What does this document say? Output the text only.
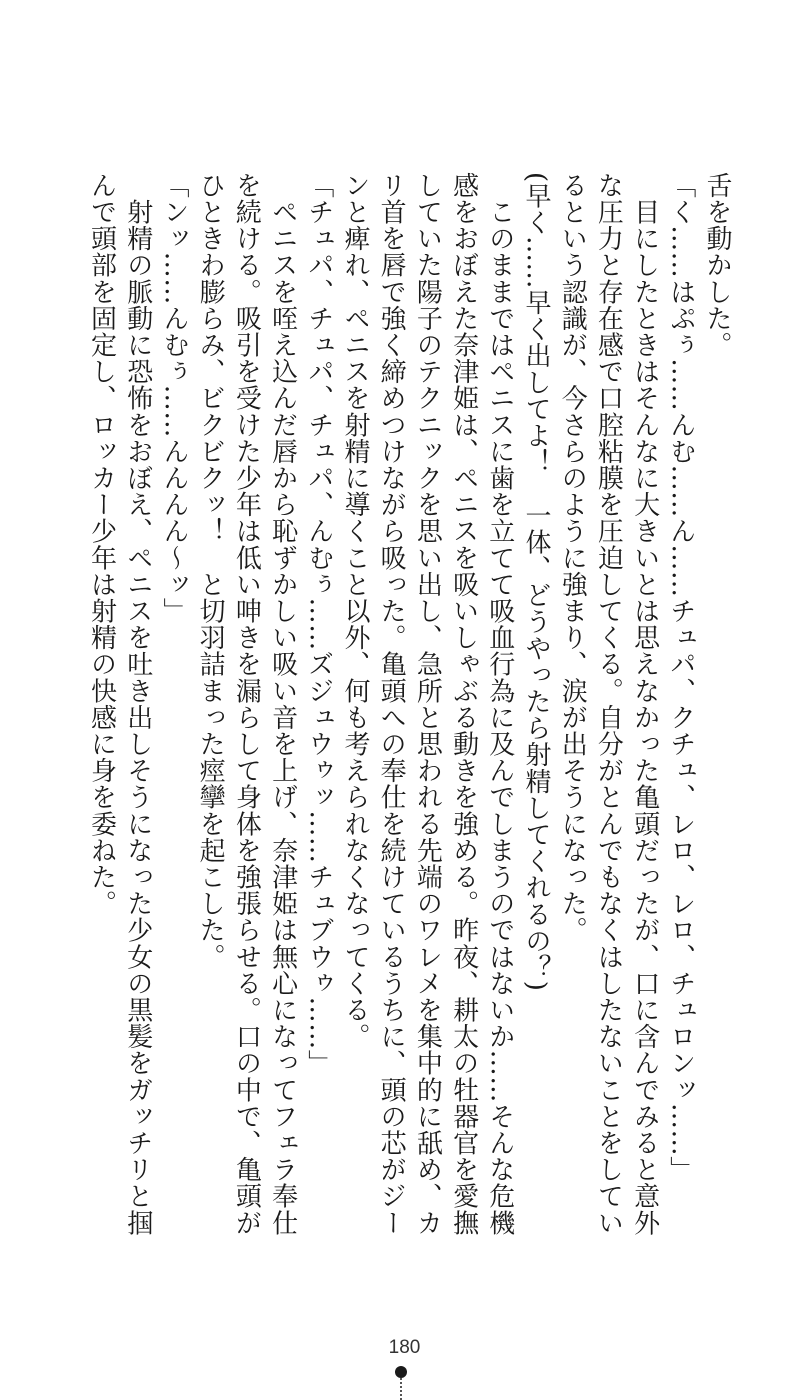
舌を動かした。
「く……はぷぅ……んむ……ん……チュパ、クチュ、レロ、レロ、チュロンッ……」
　目にしたときはそんなに大きいとは思えなかった亀頭だったが、口に含んでみると意外
な圧力と存在感で口腔粘膜を圧迫してくる。自分がとんでもなくはしたないことをしてい
るという認識が、今さらのように強まり、涙が出そうになった。
(早く……早く出してよ！　一体、どうやったら射精してくれるの？)
　このままではペニスに歯を立てて吸血行為に及んでしまうのではないか……そんな危機
感をおぼえた奈津姫は、ペニスを吸いしゃぶる動きを強める。昨夜、耕太の牡器官を愛撫
していた陽子のテクニックを思い出し、急所と思われる先端のワレメを集中的に舐め、カ
リ首を唇で強く締めつけながら吸った。亀頭への奉仕を続けているうちに、頭の芯がジー
ンと痺れ、ペニスを射精に導くこと以外、何も考えられなくなってくる。
「チュパ、チュパ、チュパ、んむぅ……ズジュウゥッ……チュブウゥ……」
　ペニスを咥え込んだ唇から恥ずかしい吸い音を上げ、奈津姫は無心になってフェラ奉仕
を続ける。吸引を受けた少年は低い呻きを漏らして身体を強張らせる。口の中で、亀頭が
ひときわ膨らみ、ビクビクッ！　と切羽詰まった痙攣を起こした。
「ンッ……んむぅ……んんんん～ッ」
　射精の脈動に恐怖をおぼえ、ペニスを吐き出しそうになった少女の黒髪をガッチリと掴
んで頭部を固定し、ロッカー少年は射精の快感に身を委ねた。
180
